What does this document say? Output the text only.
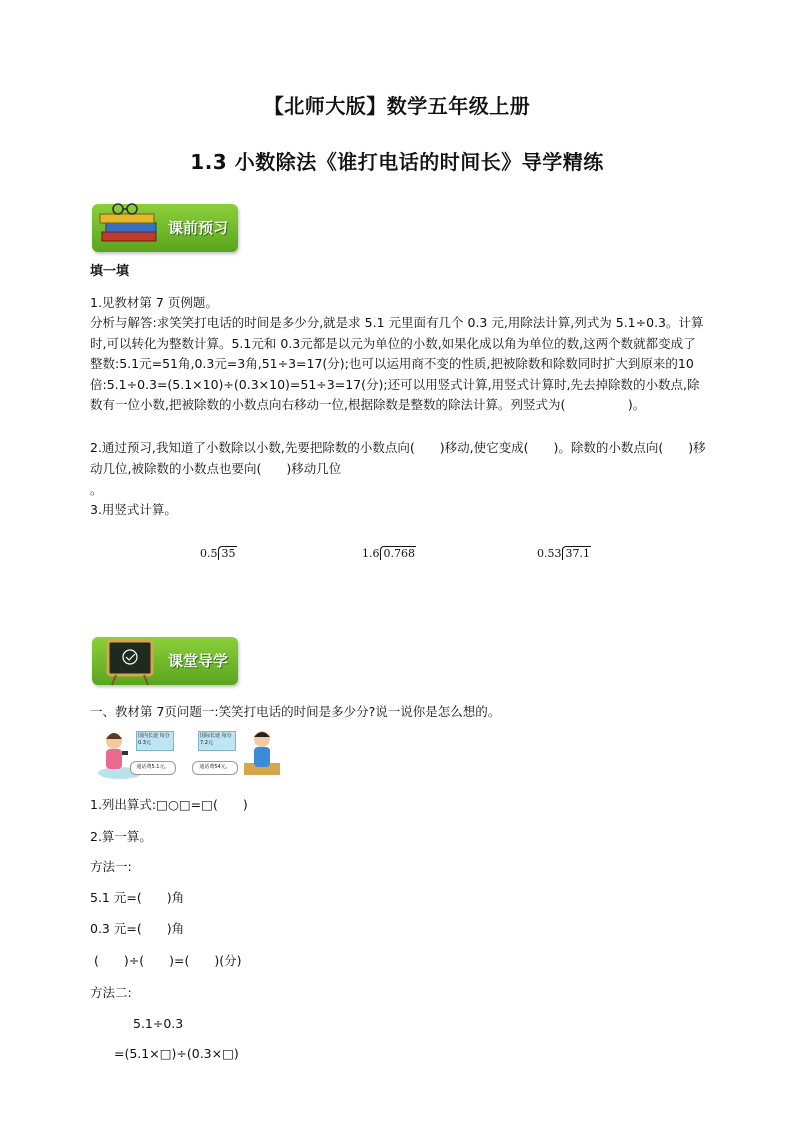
【北师大版】数学五年级上册
1.3 小数除法《谁打电话的时间长》导学精练
课前预习
填一填
1.见教材第 7 页例题。
分析与解答:求笑笑打电话的时间是多少分,就是求 5.1 元里面有几个 0.3 元,用除法计算,列式为 5.1÷0.3。计算时,可以转化为整数计算。5.1元和 0.3元都是以元为单位的小数,如果化成以角为单位的数,这两个数就都变成了整数:5.1元=51角,0.3元=3角,51÷3=17(分);也可以运用商不变的性质,把被除数和除数同时扩大到原来的10倍:5.1÷0.3=(5.1×10)÷(0.3×10)=51÷3=17(分);还可以用竖式计算,用竖式计算时,先去掉除数的小数点,除数有一位小数,把被除数的小数点向右移动一位,根据除数是整数的除法计算。列竖式为(　　　　　)。
2.通过预习,我知道了小数除以小数,先要把除数的小数点向(　　)移动,使它变成(　　)。除数的小数点向(　　)移动几位,被除数的小数点也要向(　　)移动几位
。
3.用竖式计算。
0.5 35	1.6 0.768	0.53 37.1
课堂导学
一、教材第 7页问题一:笑笑打电话的时间是多少分?说一说你是怎么想的。
国内长途 每分0.3元
国际长途 每分7.2元
通话费5.1元。	通话费54元。
1.列出算式:□○□=□(　　)
2.算一算。
方法一:
5.1 元=(　　)角
0.3 元=(　　)角
(　　)÷(　　)=(　　)(分)
方法二:
5.1÷0.3
=(5.1×□)÷(0.3×□)
